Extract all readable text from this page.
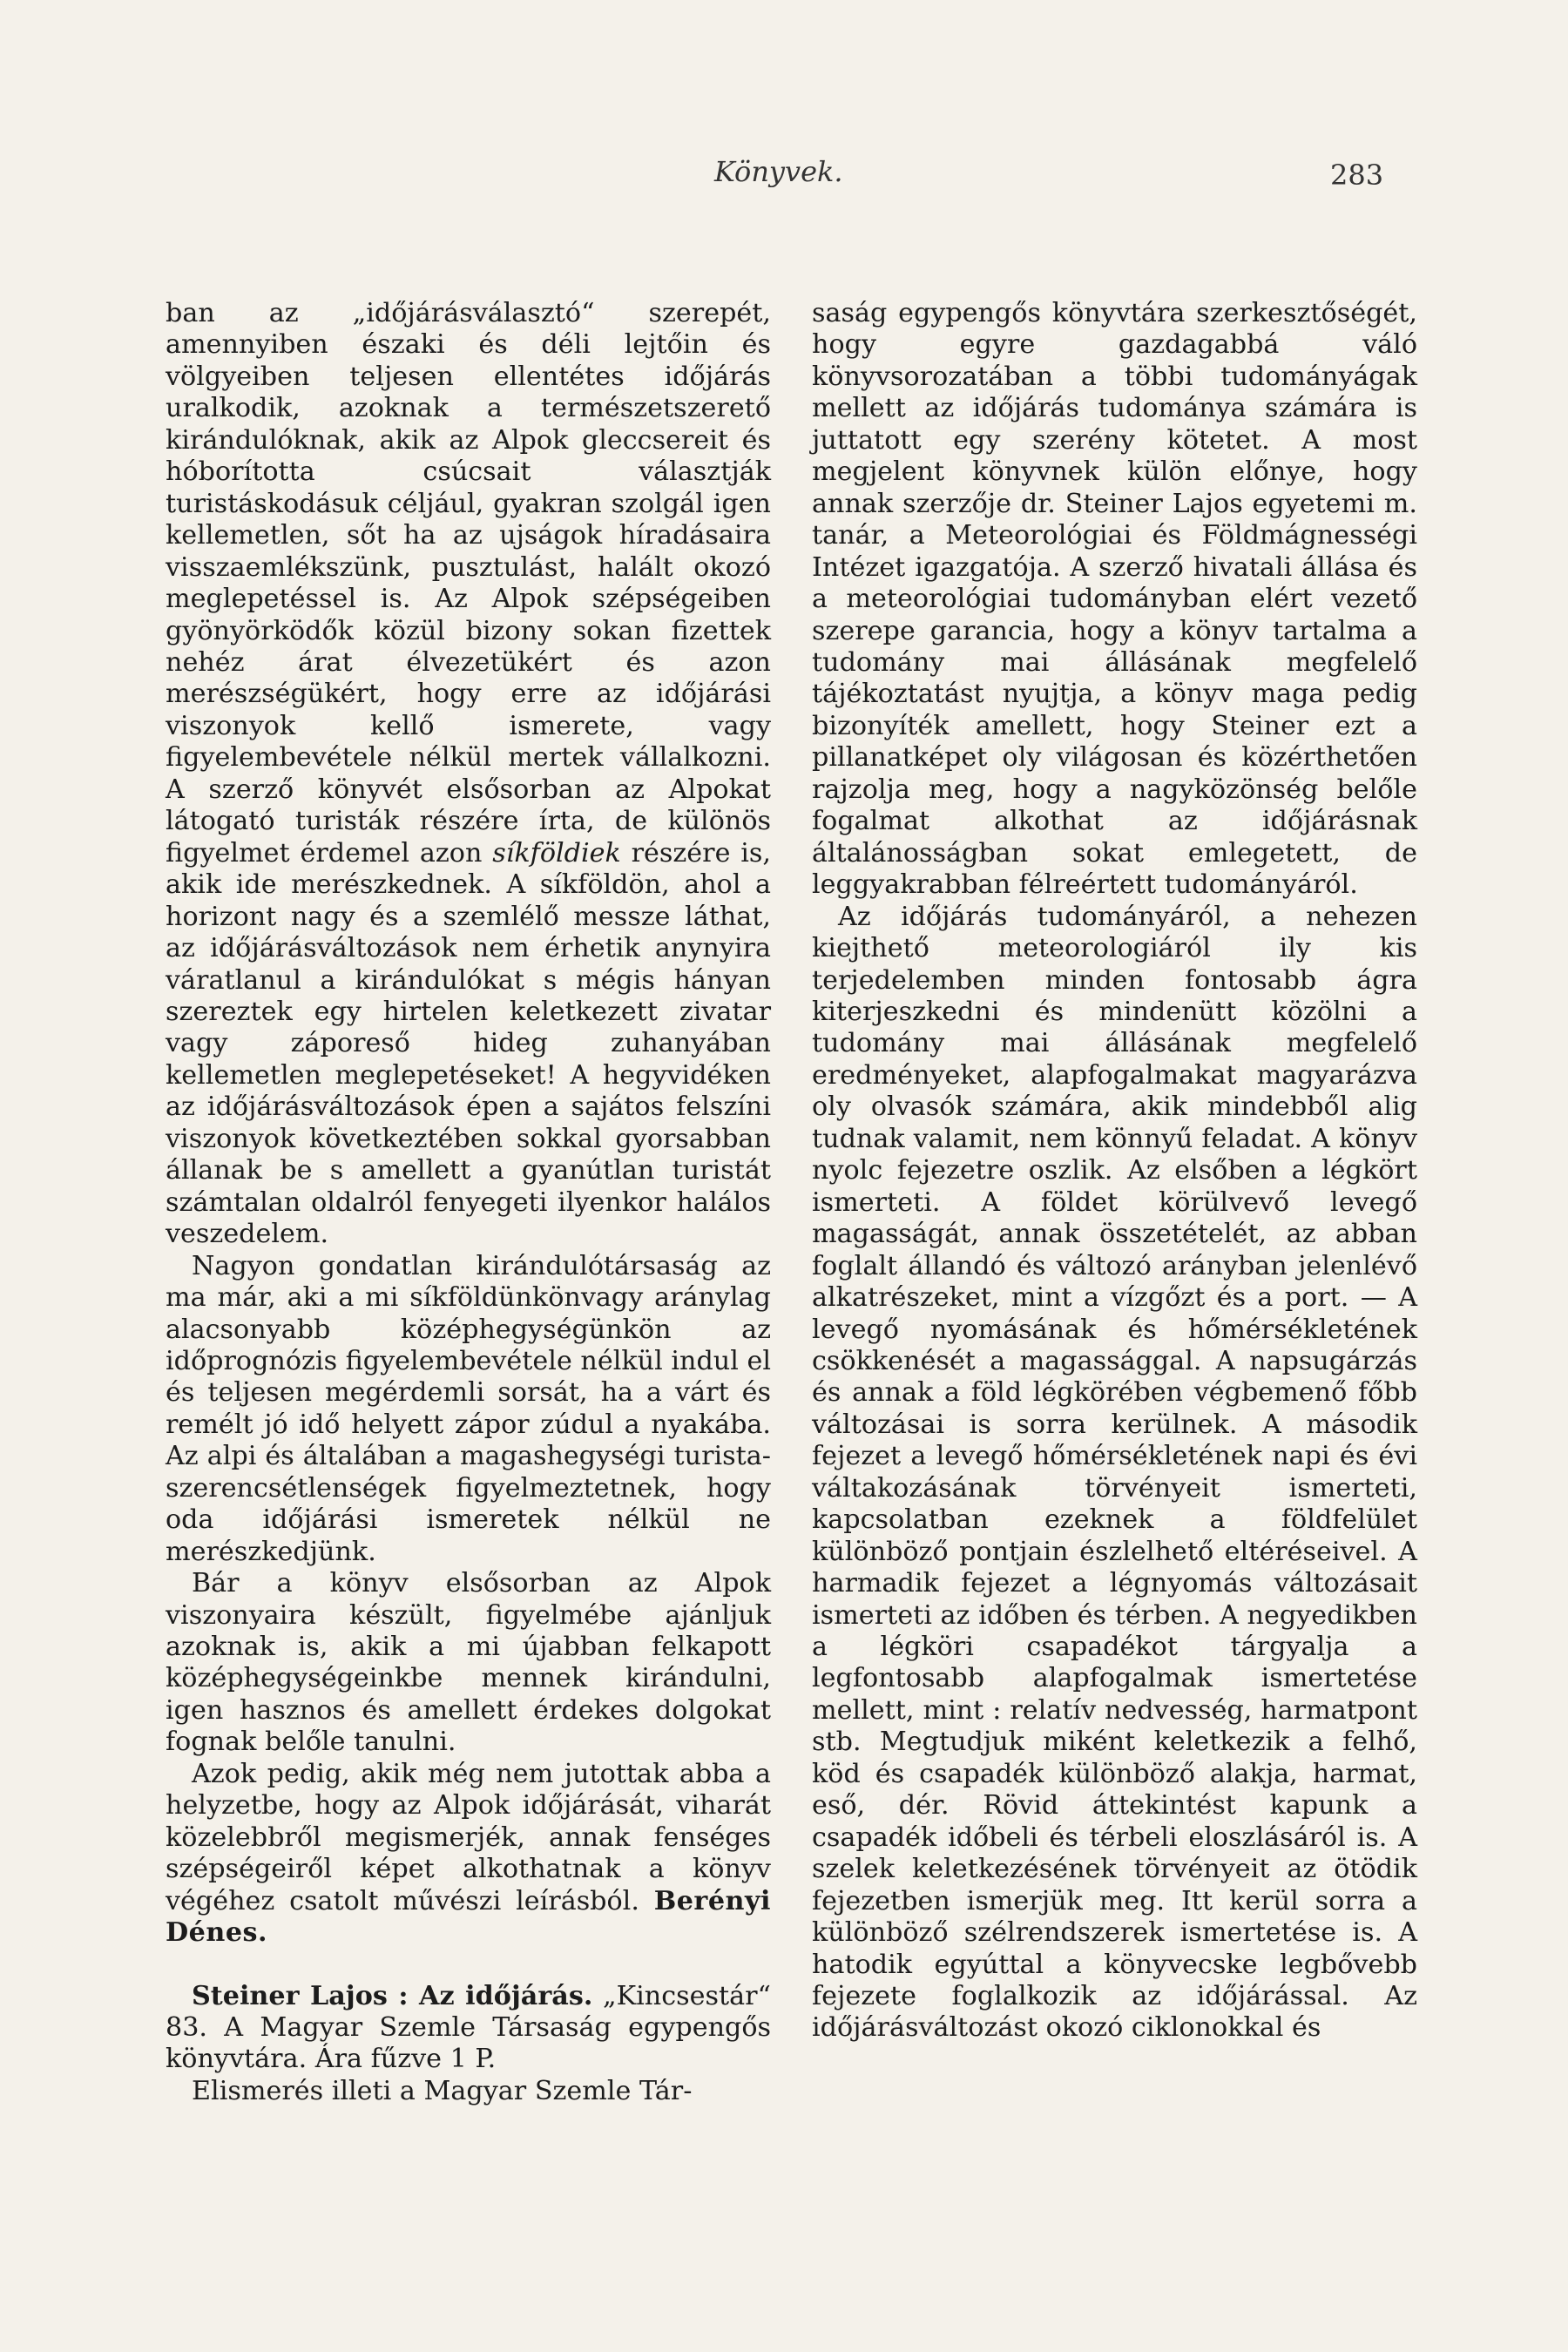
Könyvek.	283

ban az „időjárásválasztó“ szerepét, amennyiben északi és déli lejtőin és völgyeiben teljesen ellentétes időjárás uralkodik, azoknak a természetszerető kirándulóknak, akik az Alpok gleccsereit és hóborította csúcsait választják turistáskodásuk céljául, gyakran szolgál igen kellemetlen, sőt ha az ujságok híradásaira visszaemlékszünk, pusztulást, halált okozó meglepetéssel is. Az Alpok szépségeiben gyönyörködők közül bizony sokan fizettek nehéz árat élvezetükért és azon merészségükért, hogy erre az időjárási viszonyok kellő ismerete, vagy figyelembevétele nélkül mertek vállalkozni. A szerző könyvét elsősorban az Alpokat látogató turisták részére írta, de különös figyelmet érdemel azon síkföldiek részére is, akik ide merészkednek. A síkföldön, ahol a horizont nagy és a szemlélő messze láthat, az időjárásváltozások nem érhetik anynyira váratlanul a kirándulókat s mégis hányan szereztek egy hirtelen keletkezett zivatar vagy záporeső hideg zuhanyában kellemetlen meglepetéseket! A hegyvidéken az időjárásváltozások épen a sajátos felszíni viszonyok következtében sokkal gyorsabban állanak be s amellett a gyanútlan turistát számtalan oldalról fenyegeti ilyenkor halálos veszedelem.

Nagyon gondatlan kirándulótársaság az ma már, aki a mi síkföldünkönvagy aránylag alacsonyabb középhegységünkön az időprognózis figyelembevétele nélkül indul el és teljesen megérdemli sorsát, ha a várt és remélt jó idő helyett zápor zúdul a nyakába. Az alpi és általában a magashegységi turista-szerencsétlenségek figyelmeztetnek, hogy oda időjárási ismeretek nélkül ne merészkedjünk.

Bár a könyv elsősorban az Alpok viszonyaira készült, figyelmébe ajánljuk azoknak is, akik a mi újabban felkapott középhegységeinkbe mennek kirándulni, igen hasznos és amellett érdekes dolgokat fognak belőle tanulni.

Azok pedig, akik még nem jutottak abba a helyzetbe, hogy az Alpok időjárását, viharát közelebbről megismerjék, annak fenséges szépségeiről képet alkothatnak a könyv végéhez csatolt művészi leírásból. Berényi Dénes.

Steiner Lajos : Az időjárás. „Kincsestár“ 83. A Magyar Szemle Társaság egypengős könyvtára. Ára fűzve 1 P.

Elismerés illeti a Magyar Szemle Tár-

saság egypengős könyvtára szerkesztőségét, hogy egyre gazdagabbá váló könyvsorozatában a többi tudományágak mellett az időjárás tudománya számára is juttatott egy szerény kötetet. A most megjelent könyvnek külön előnye, hogy annak szerzője dr. Steiner Lajos egyetemi m. tanár, a Meteorológiai és Földmágnességi Intézet igazgatója. A szerző hivatali állása és a meteorológiai tudományban elért vezető szerepe garancia, hogy a könyv tartalma a tudomány mai állásának megfelelő tájékoztatást nyujtja, a könyv maga pedig bizonyíték amellett, hogy Steiner ezt a pillanatképet oly világosan és közérthetően rajzolja meg, hogy a nagyközönség belőle fogalmat alkothat az időjárásnak általánosságban sokat emlegetett, de leggyakrabban félreértett tudományáról.

Az időjárás tudományáról, a nehezen kiejthető meteorologiáról ily kis terjedelemben minden fontosabb ágra kiterjeszkedni és mindenütt közölni a tudomány mai állásának megfelelő eredményeket, alapfogalmakat magyarázva oly olvasók számára, akik mindebből alig tudnak valamit, nem könnyű feladat. A könyv nyolc fejezetre oszlik. Az elsőben a légkört ismerteti. A földet körülvevő levegő magasságát, annak összetételét, az abban foglalt állandó és változó arányban jelenlévő alkatrészeket, mint a vízgőzt és a port. — A levegő nyomásának és hőmérsékletének csökkenését a magassággal. A napsugárzás és annak a föld légkörében végbemenő főbb változásai is sorra kerülnek. A második fejezet a levegő hőmérsékletének napi és évi váltakozásának törvényeit ismerteti, kapcsolatban ezeknek a földfelület különböző pontjain észlelhető eltéréseivel. A harmadik fejezet a légnyomás változásait ismerteti az időben és térben. A negyedikben a légköri csapadékot tárgyalja a legfontosabb alapfogalmak ismertetése mellett, mint : relatív nedvesség, harmatpont stb. Megtudjuk miként keletkezik a felhő, köd és csapadék különböző alakja, harmat, eső, dér. Rövid áttekintést kapunk a csapadék időbeli és térbeli eloszlásáról is. A szelek keletkezésének törvényeit az ötödik fejezetben ismerjük meg. Itt kerül sorra a különböző szélrendszerek ismertetése is. A hatodik egyúttal a könyvecske legbővebb fejezete foglalkozik az időjárással. Az időjárásváltozást okozó ciklonokkal és
